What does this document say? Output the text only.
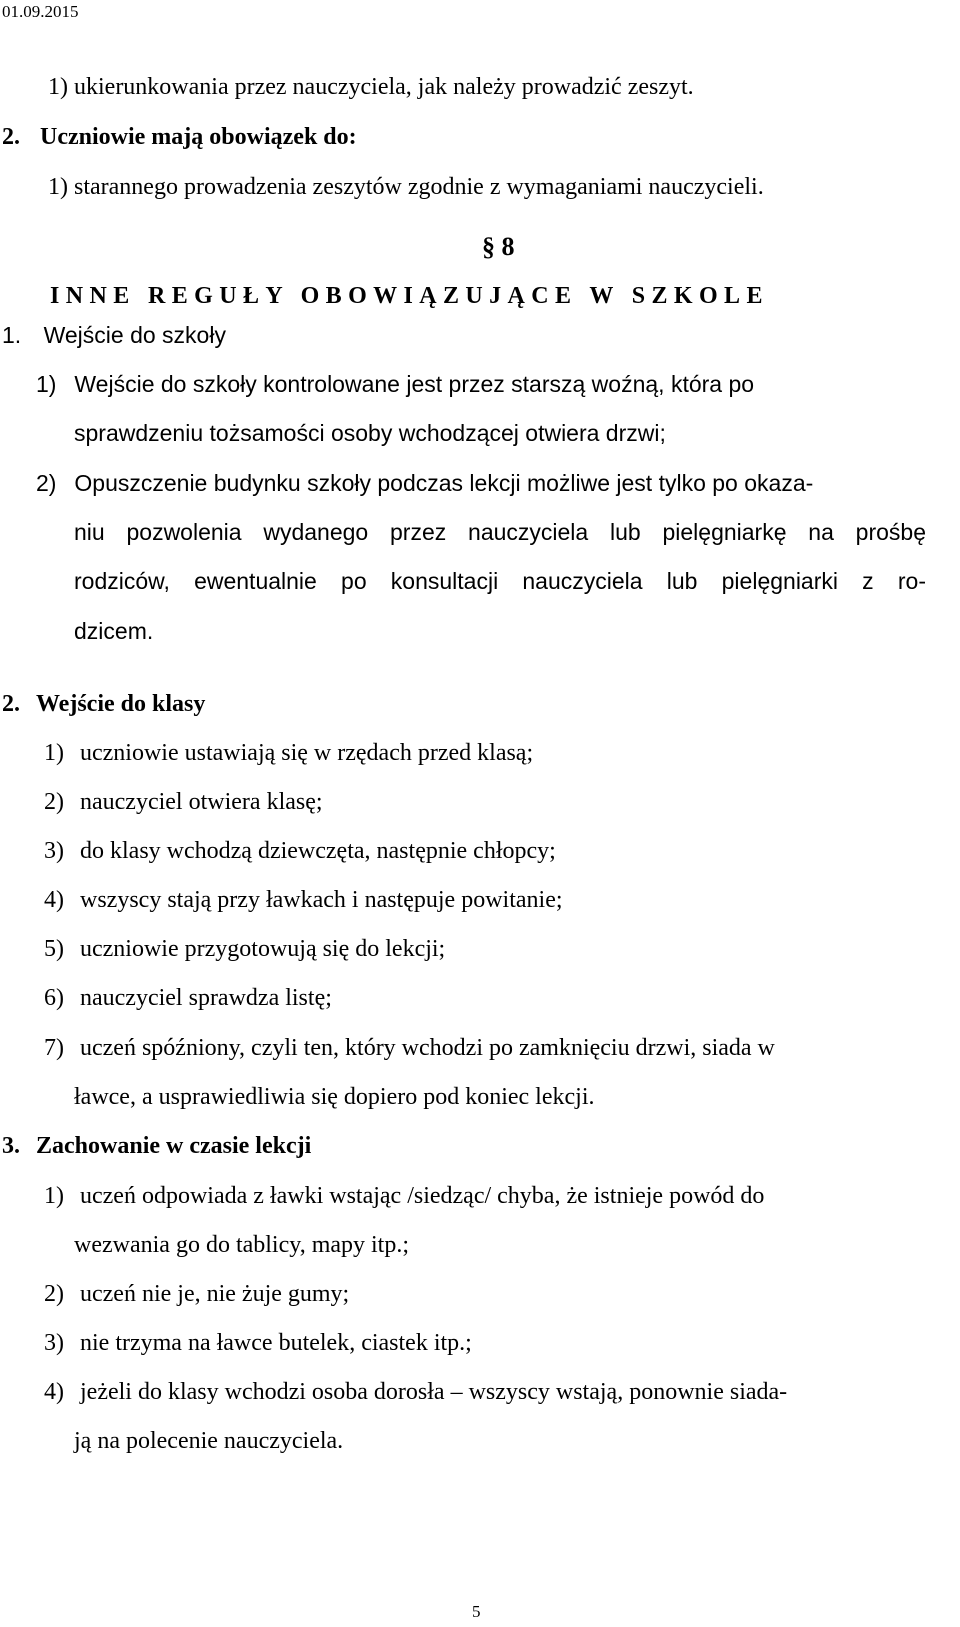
01.09.2015
1) ukierunkowania przez nauczyciela, jak należy prowadzić zeszyt.
2. Uczniowie mają obowiązek do:
1) starannego prowadzenia zeszytów zgodnie z wymaganiami nauczycieli.
§ 8
INNE REGUŁY OBOWIĄZUJĄCE W SZKOLE
1. Wejście do szkoły
1) Wejście do szkoły kontrolowane jest przez starszą woźną, która po
sprawdzeniu tożsamości osoby wchodzącej otwiera drzwi;
2) Opuszczenie budynku szkoły podczas lekcji możliwe jest tylko po okaza-
niu pozwolenia wydanego przez nauczyciela lub pielęgniarkę na prośbę
rodziców, ewentualnie po konsultacji nauczyciela lub pielęgniarki z ro-
dzicem.
2. Wejście do klasy
1) uczniowie ustawiają się w rzędach przed klasą;
2) nauczyciel otwiera klasę;
3) do klasy wchodzą dziewczęta, następnie chłopcy;
4) wszyscy stają przy ławkach i następuje powitanie;
5) uczniowie przygotowują się do lekcji;
6) nauczyciel sprawdza listę;
7) uczeń spóźniony, czyli ten, który wchodzi po zamknięciu drzwi, siada w
ławce, a usprawiedliwia się dopiero pod koniec lekcji.
3. Zachowanie w czasie lekcji
1) uczeń odpowiada z ławki wstając /siedząc/ chyba, że istnieje powód do
wezwania go do tablicy, mapy itp.;
2) uczeń nie je, nie żuje gumy;
3) nie trzyma na ławce butelek, ciastek itp.;
4) jeżeli do klasy wchodzi osoba dorosła – wszyscy wstają, ponownie siada-
ją na polecenie nauczyciela.
5
